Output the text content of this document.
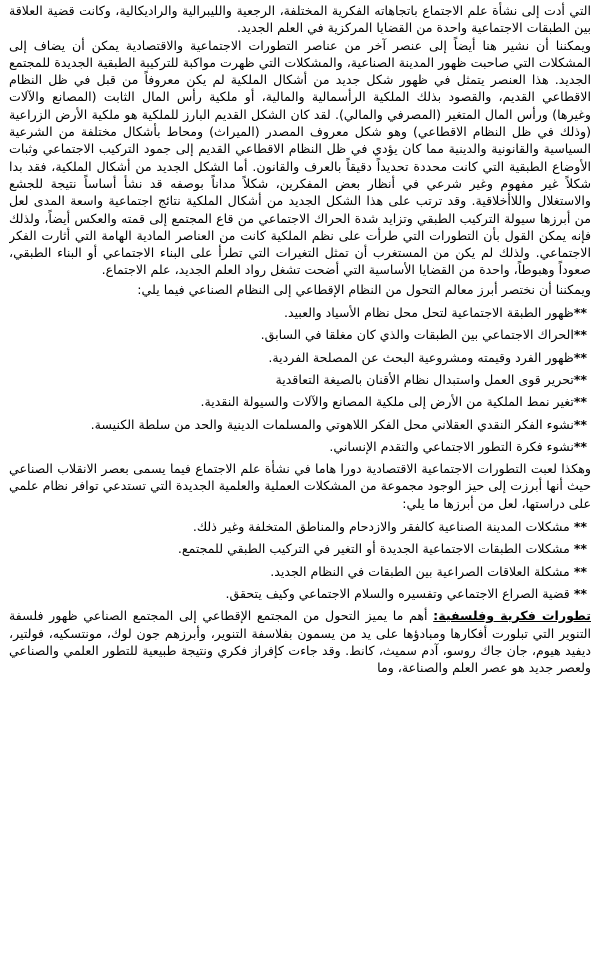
التي أدت إلى نشأة علم الاجتماع باتجاهاته الفكرية المختلفة، الرجعية والليبرالية والراديكالية، وكانت قضية العلاقة بين الطبقات الاجتماعية واحدة من القضايا المركزية في العلم الجديد.

ويمكننا أن نشير هنا أيضاً إلى عنصر آخر من عناصر التطورات الاجتماعية والاقتصادية يمكن أن يضاف إلى المشكلات التي صاحبت ظهور المدينة الصناعية، والمشكلات التي ظهرت مواكبة للتركيبة الطبقية الجديدة للمجتمع الجديد. هذا العنصر يتمثل في ظهور شكل جديد من أشكال الملكية لم يكن معروفاً من قبل في ظل النظام الاقطاعي القديم، والقصود بذلك الملكية الرأسمالية والمالية، أو ملكية رأس المال الثابت (المصانع والآلات وغيرها) ورأس المال المتغير (المصرفي والمالي). لقد كان الشكل القديم البارز للملكية هو ملكية الأرض الزراعية (وذلك في ظل النظام الاقطاعي) وهو شكل معروف المصدر (الميراث) ومحاط بأشكال مختلفة من الشرعية السياسية والقانونية والدينية مما كان يؤدي في ظل النظام الاقطاعي القديم إلى جمود التركيب الاجتماعي وثبات الأوضاع الطبقية التي كانت محددة تحديداً دقيقاً بالعرف والقانون. أما الشكل الجديد من أشكال الملكية، فقد بدا شكلاً غير مفهوم وغير شرعي في أنظار بعض المفكرين، شكلاً مداناً بوصفه قد نشأ أساساً نتيجة للجشع والاستغلال واللاأخلاقية. وقد ترتب على هذا الشكل الجديد من أشكال الملكية نتائج اجتماعية واسعة المدى لعل من أبرزها سيولة التركيب الطبقي وتزايد شدة الحراك الاجتماعي من قاع المجتمع إلى قمته والعكس أيضاً، ولذلك فإنه يمكن القول بأن التطورات التي طرأت على نظم الملكية كانت من العناصر المادية الهامة التي أثارت الفكر الاجتماعي. ولذلك لم يكن من المستغرب أن تمثل التغيرات التي تطرأ على البناء الاجتماعي أو البناء الطبقي، صعوداً وهبوطاً، واحدة من القضايا الأساسية التي أضحت تشغل رواد العلم الجديد، علم الاجتماع.

ويمكننا أن نختصر أبرز معالم التحول من النظام الإقطاعي إلى النظام الصناعي فيما يلي:

**ظهور الطبقة الاجتماعية لتحل محل نظام الأسياد والعبيد.

**الحراك الاجتماعي بين الطبقات والذي كان مغلقا في السابق.

**ظهور الفرد وقيمته ومشروعية البحث عن المصلحة الفردية.

**تحرير قوى العمل واستبدال نظام الأقنان بالصيغة التعاقدية

**تغير نمط الملكية من الأرض إلى ملكية المصانع والآلات والسيولة النقدية.

**نشوء الفكر النقدي العقلاني محل الفكر اللاهوتي والمسلمات الدينية والحد من سلطة الكنيسة.

**نشوء فكرة التطور الاجتماعي والتقدم الإنساني.

وهكذا لعبت التطورات الاجتماعية الاقتصادية دورا هاما في نشأة علم الاجتماع فيما يسمى بعصر الانقلاب الصناعي حيث أنها أبرزت إلى حيز الوجود مجموعة من المشكلات العملية والعلمية الجديدة التي تستدعي توافر نظام علمي على دراستها، لعل من أبرزها ما يلي:

** مشكلات المدينة الصناعية كالفقر والازدحام والمناطق المتخلفة وغير ذلك.

** مشكلات الطبقات الاجتماعية الجديدة أو التغير في التركيب الطبقي للمجتمع.

** مشكلة العلاقات الصراعية بين الطبقات في النظام الجديد.

** قضية الصراع الاجتماعي وتفسيره والسلام الاجتماعي وكيف يتحقق.

تطورات فكرية وفلسفية: أهم ما يميز التحول من المجتمع الإقطاعي إلى المجتمع الصناعي ظهور فلسفة التنوير التي تبلورت أفكارها ومبادؤها على يد من يسمون بفلاسفة التنوير، وأبرزهم جون لوك، مونتسكيه، فولتير، ديفيد هيوم، جان جاك روسو، آدم سميث، كانط. وقد جاءت كإفراز فكري ونتيجة طبيعية للتطور العلمي والصناعي ولعصر جديد هو عصر العلم والصناعة، وما
